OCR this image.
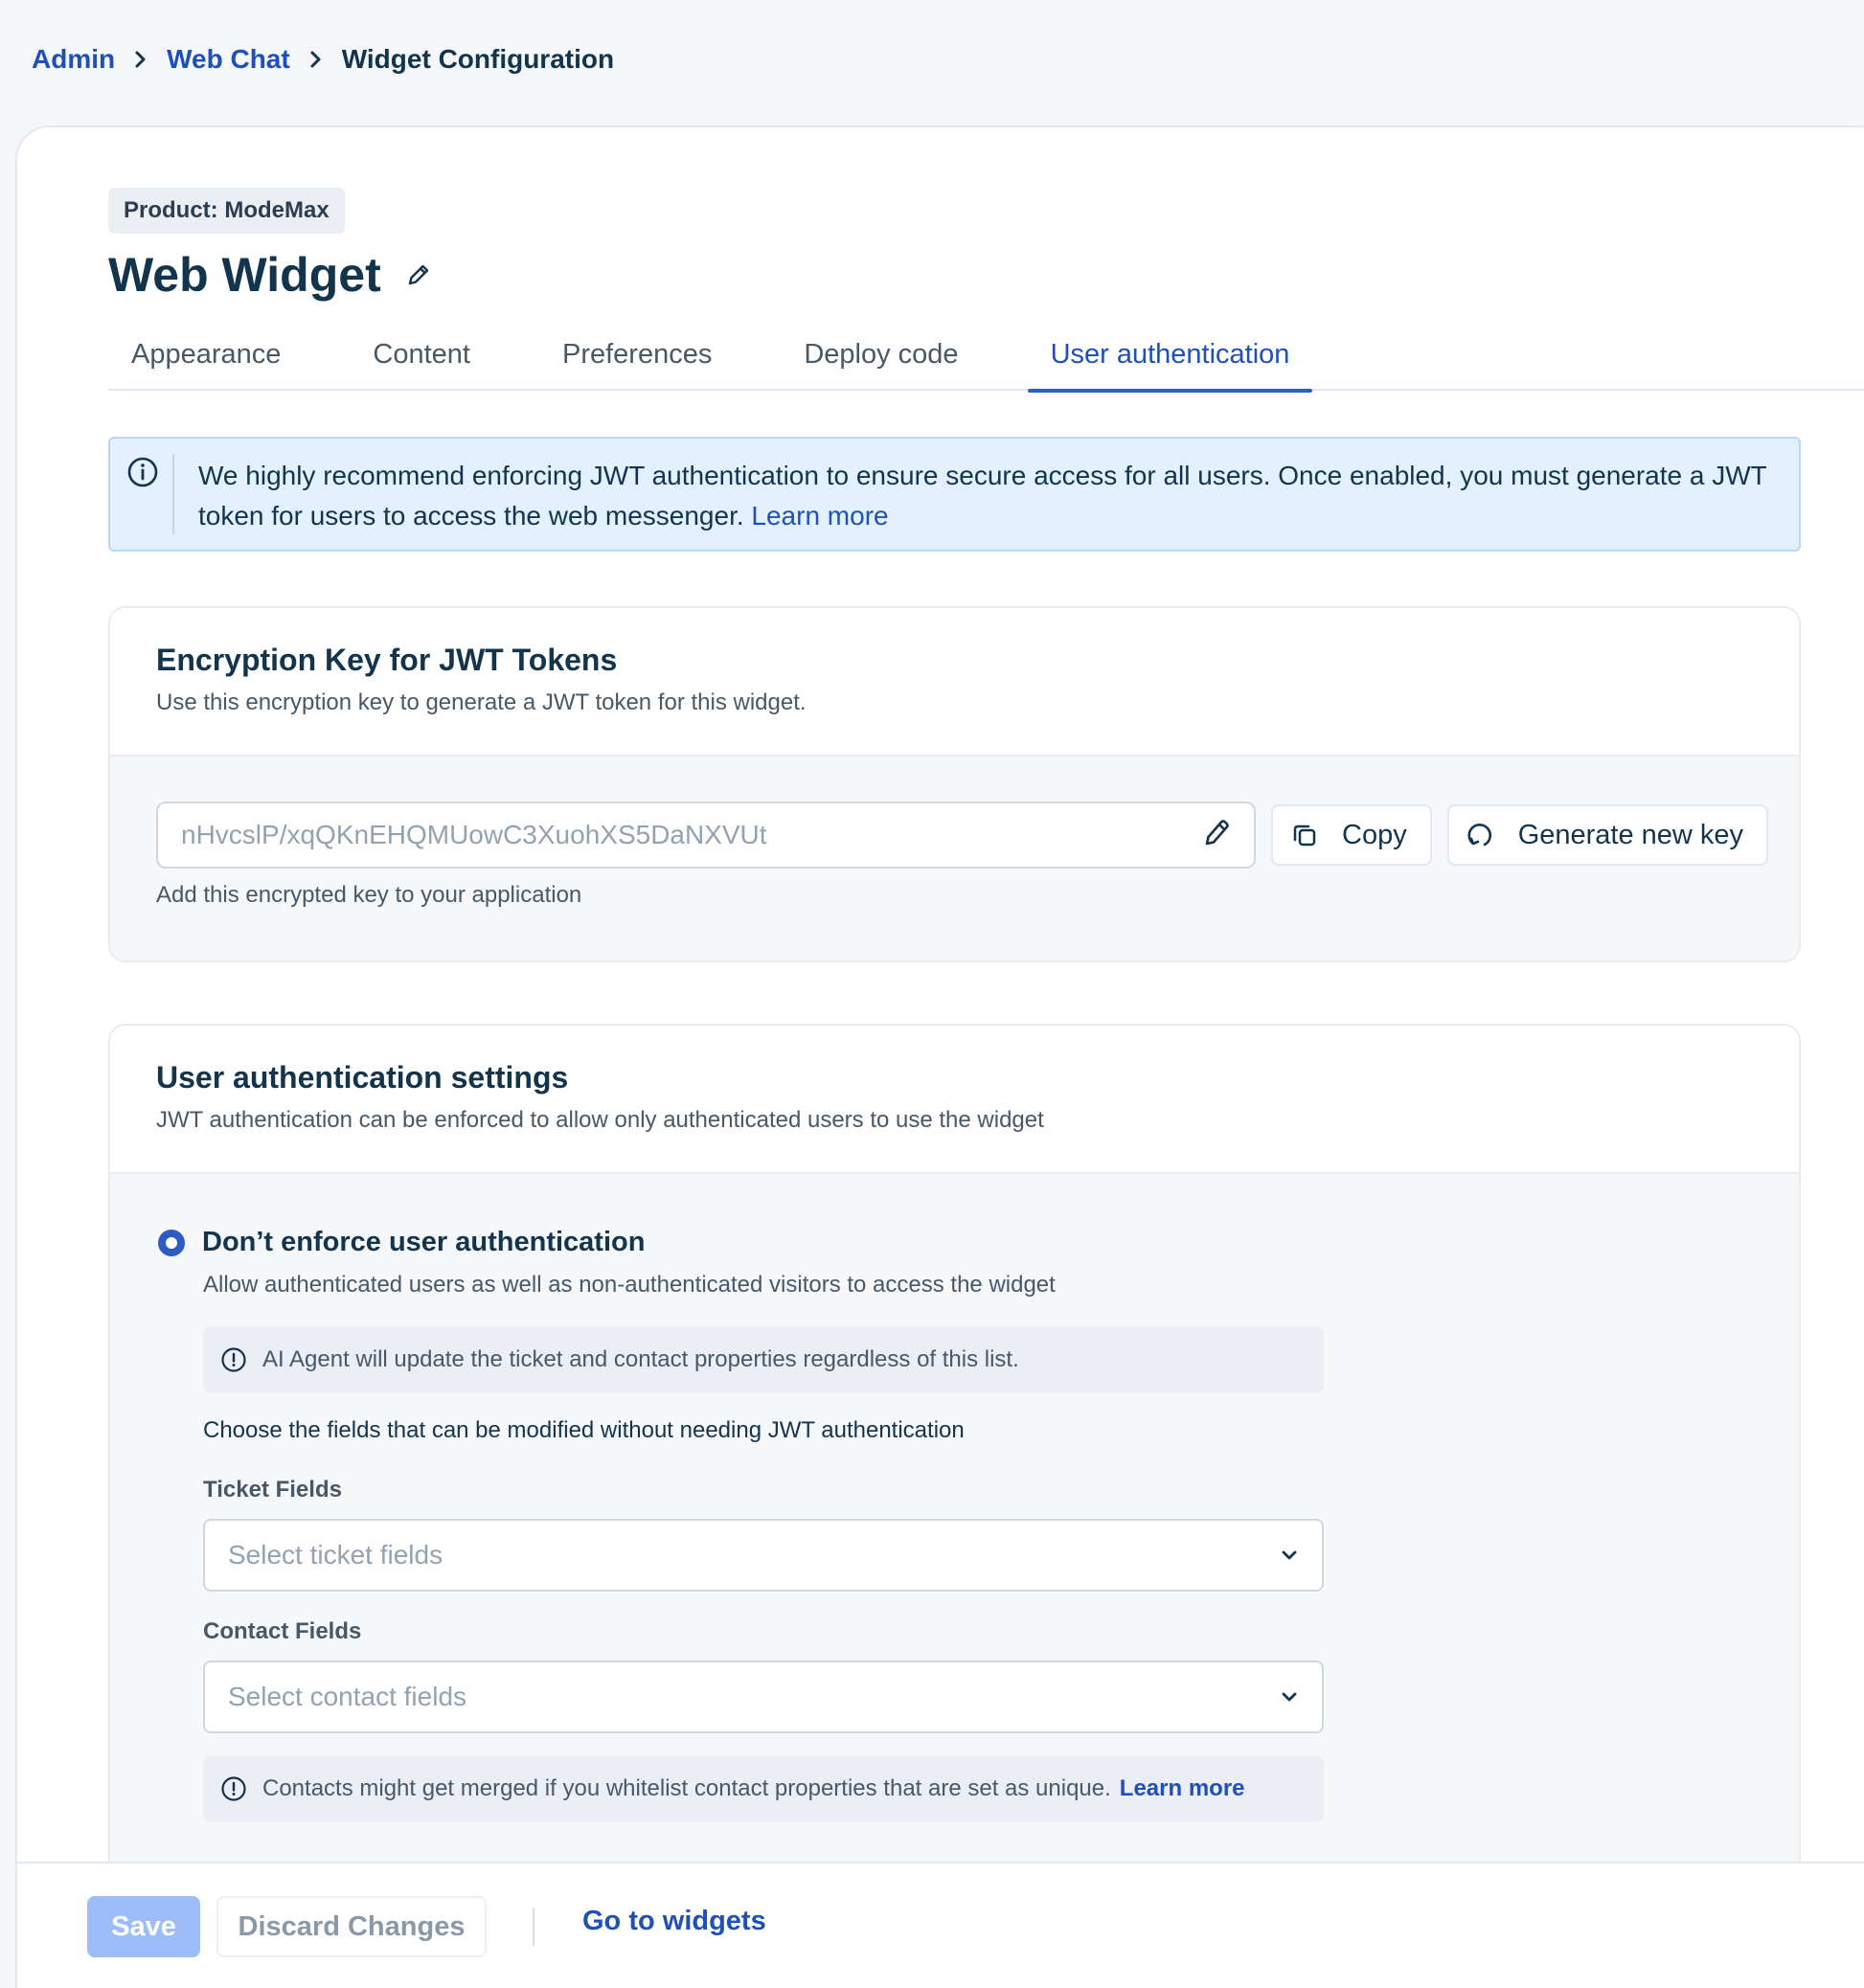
Admin Web Chat Widget Configuration
Product: ModeMax
Web Widget
Appearance	Content	Preferences	Deploy code	User authentication
We highly recommend enforcing JWT authentication to ensure secure access for all users. Once enabled, you must generate a JWT token for users to access the web messenger. Learn more
Encryption Key for JWT Tokens
Use this encryption key to generate a JWT token for this widget.
nHvcslP/xqQKnEHQMUowC3XuohXS5DaNXVUt	Copy	Generate new key
Add this encrypted key to your application
User authentication settings
JWT authentication can be enforced to allow only authenticated users to use the widget
Don’t enforce user authentication
Allow authenticated users as well as non-authenticated visitors to access the widget
AI Agent will update the ticket and contact properties regardless of this list.
Choose the fields that can be modified without needing JWT authentication
Ticket Fields
Select ticket fields
Contact Fields
Select contact fields
Contacts might get merged if you whitelist contact properties that are set as unique. Learn more
Save	Discard Changes	Go to widgets
